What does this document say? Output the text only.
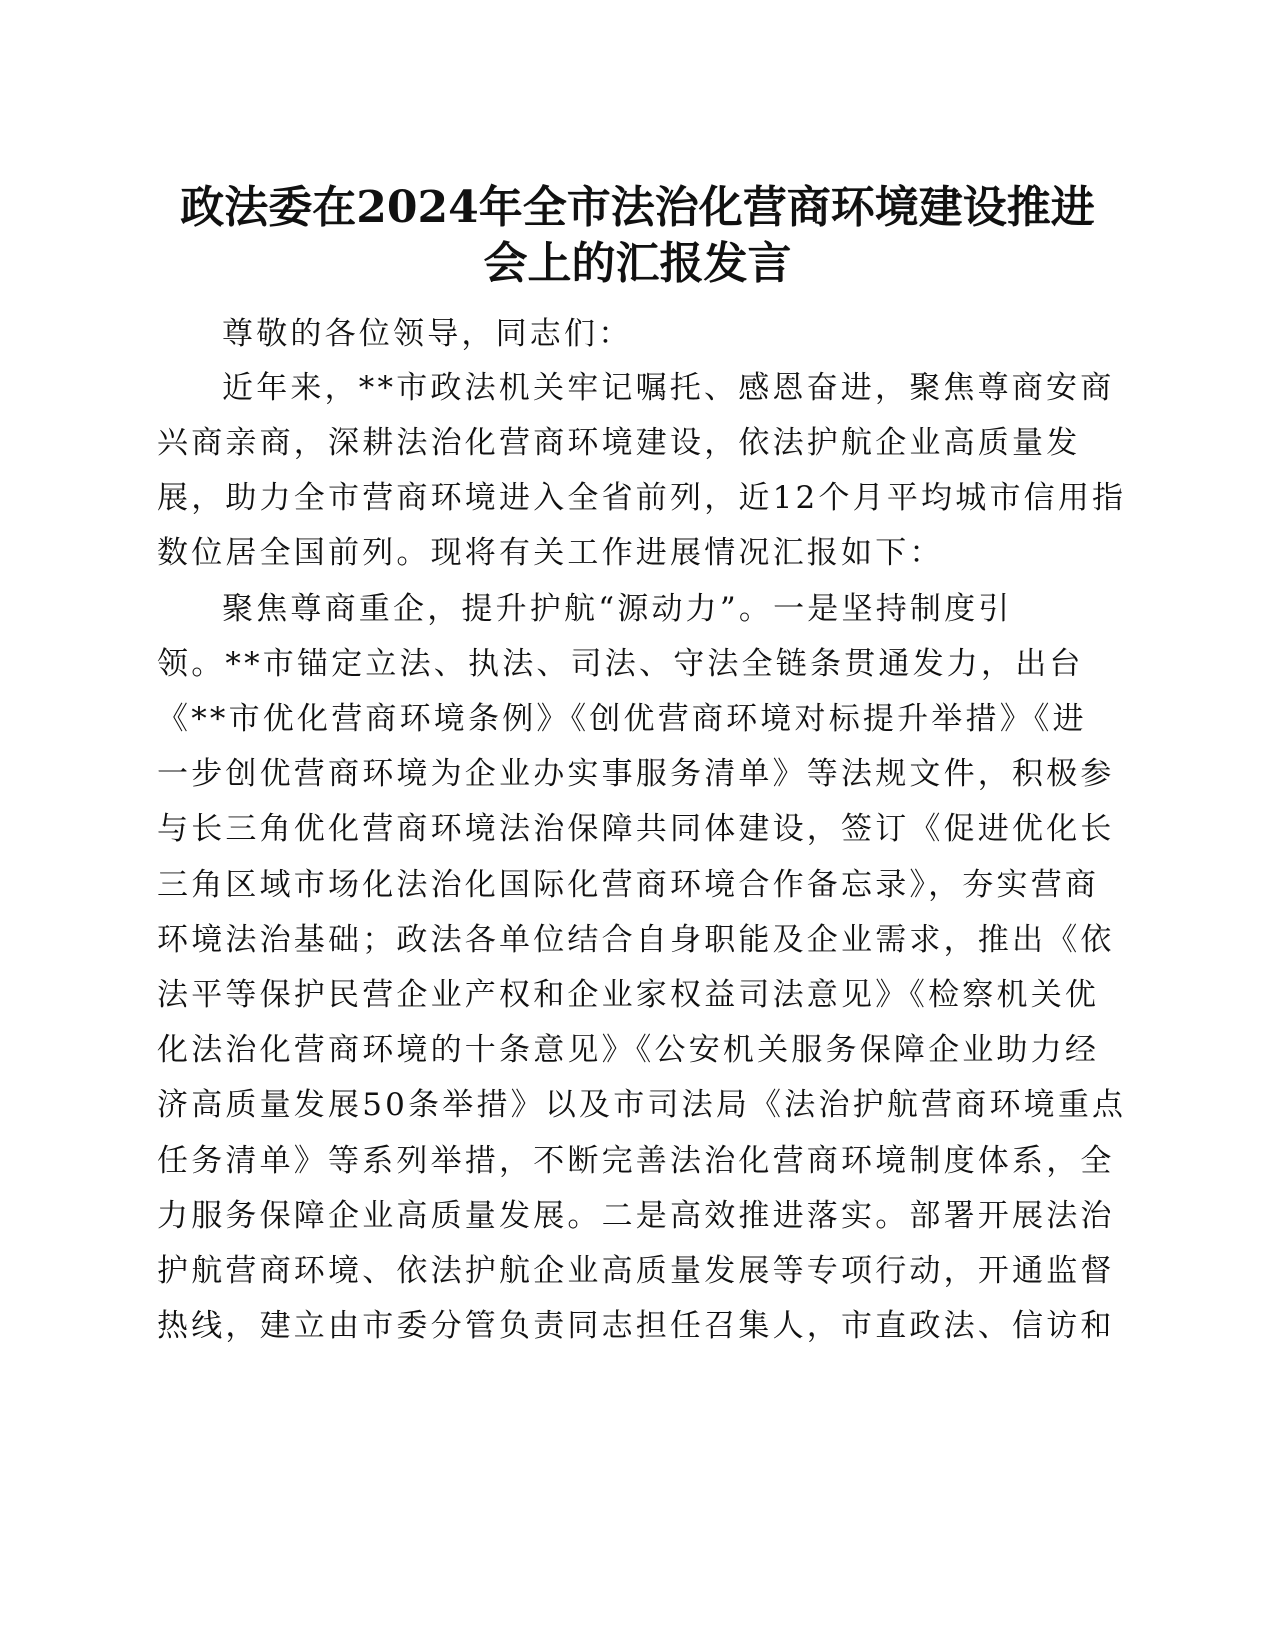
政法委在2024年全市法治化营商环境建设推进
会上的汇报发言
尊敬的各位领导，同志们：
近年来，**市政法机关牢记嘱托、感恩奋进，聚焦尊商安商
兴商亲商，深耕法治化营商环境建设，依法护航企业高质量发
展，助力全市营商环境进入全省前列，近12个月平均城市信用指
数位居全国前列。现将有关工作进展情况汇报如下：
聚焦尊商重企，提升护航“源动力”。一是坚持制度引
领。**市锚定立法、执法、司法、守法全链条贯通发力，出台
《**市优化营商环境条例》《创优营商环境对标提升举措》《进
一步创优营商环境为企业办实事服务清单》等法规文件，积极参
与长三角优化营商环境法治保障共同体建设，签订《促进优化长
三角区域市场化法治化国际化营商环境合作备忘录》，夯实营商
环境法治基础；政法各单位结合自身职能及企业需求，推出《依
法平等保护民营企业产权和企业家权益司法意见》《检察机关优
化法治化营商环境的十条意见》《公安机关服务保障企业助力经
济高质量发展50条举措》以及市司法局《法治护航营商环境重点
任务清单》等系列举措，不断完善法治化营商环境制度体系，全
力服务保障企业高质量发展。二是高效推进落实。部署开展法治
护航营商环境、依法护航企业高质量发展等专项行动，开通监督
热线，建立由市委分管负责同志担任召集人，市直政法、信访和
